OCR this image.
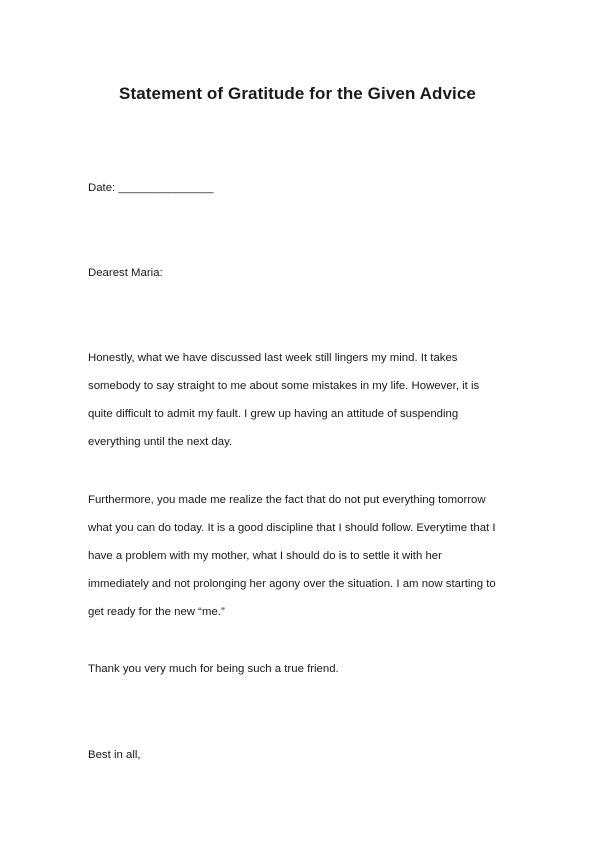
Statement of Gratitude for the Given Advice
Date: _______________
Dearest Maria:
Honestly, what we have discussed last week still lingers my mind. It takes
somebody to say straight to me about some mistakes in my life. However, it is
quite difficult to admit my fault. I grew up having an attitude of suspending
everything until the next day.
Furthermore, you made me realize the fact that do not put everything tomorrow
what you can do today. It is a good discipline that I should follow. Everytime that I
have a problem with my mother, what I should do is to settle it with her
immediately and not prolonging her agony over the situation. I am now starting to
get ready for the new “me.”
Thank you very much for being such a true friend.
Best in all,
